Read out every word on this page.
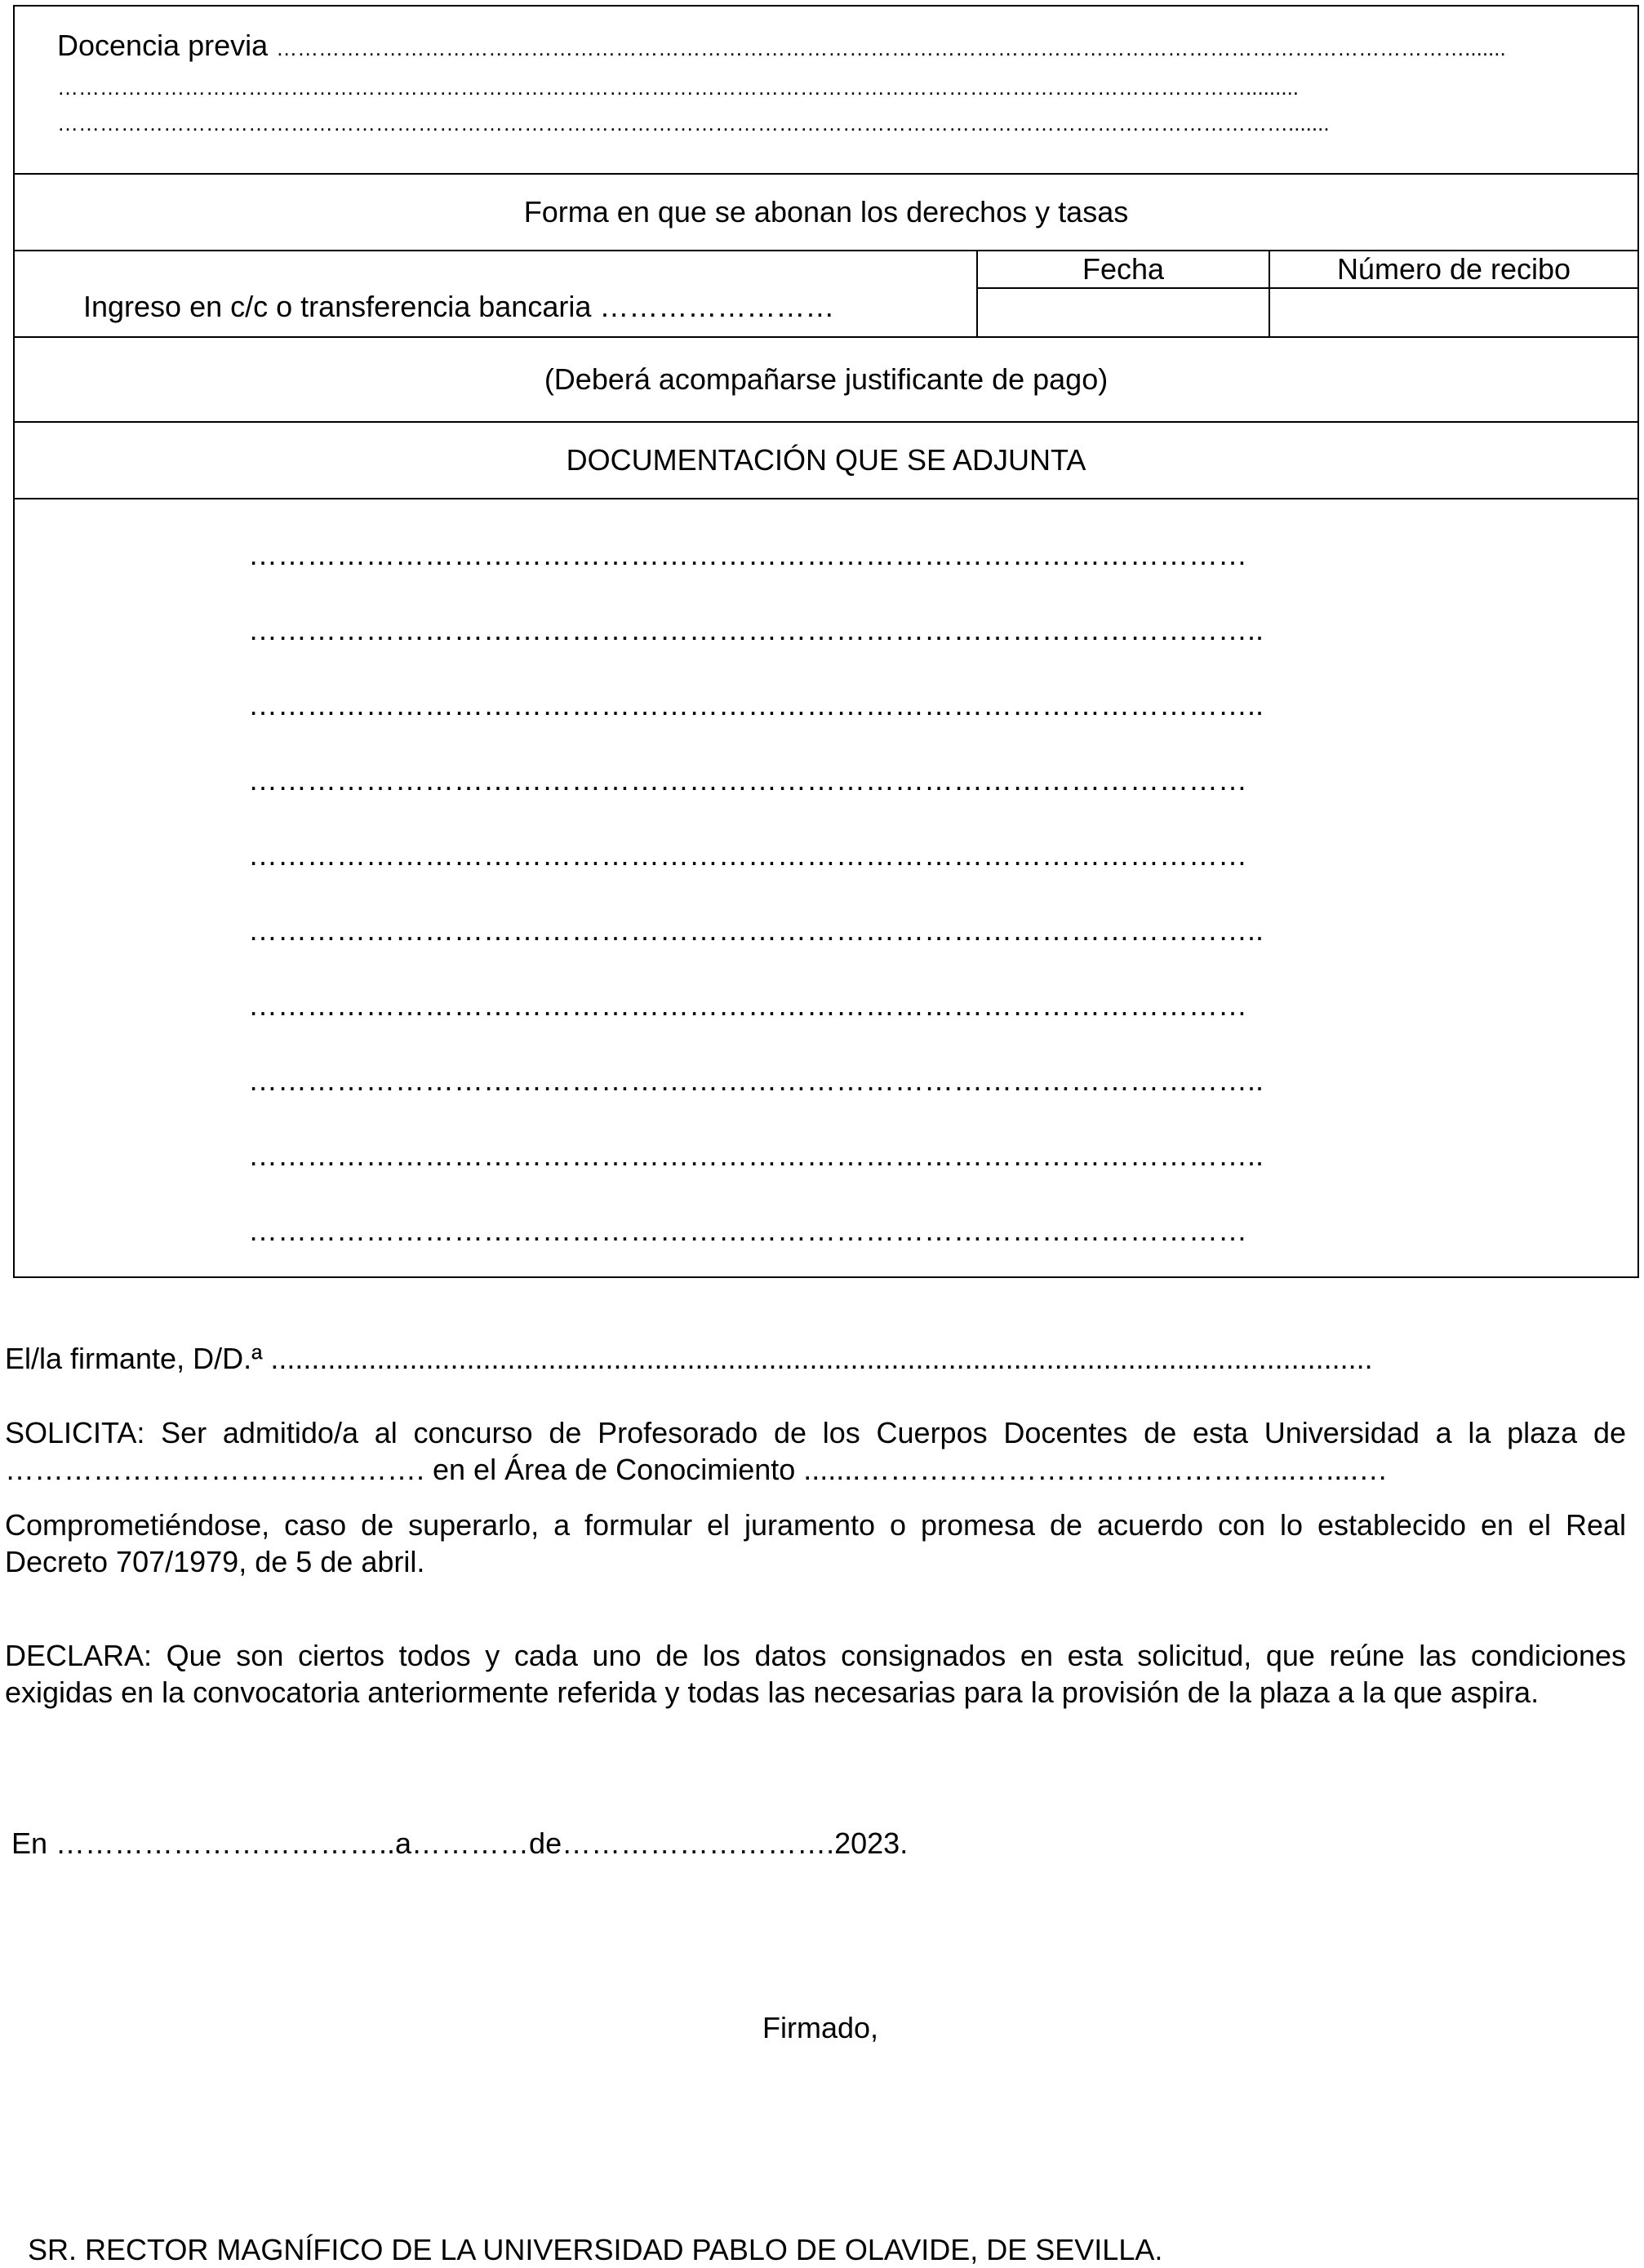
Docencia previa …………………………………………………………………………………………………………………………………………………….......
…………………………………………………………………………………………………………………………………………………….........
………………………………………………………………………………………………………………………………………………………….......

Forma en que se abonan los derechos y tasas

Ingreso en c/c o transferencia bancaria ……………………

Fecha	Número de recibo

(Deberá acompañarse justificante de pago)
DOCUMENTACIÓN QUE SE ADJUNTA

…………………………………………………………………………………………
…………………………………………………………………………………………..
…………………………………………………………………………………………..
…………………………………………………………………………………………
…………………………………………………………………………………………
…………………………………………………………………………………………..
…………………………………………………………………………………………
…………………………………………………………………………………………..
…………………………………………………………………………………………..
…………………………………………………………………………………………
El/la firmante, D/D.ª .......................................................................................................................................
SOLICITA: Ser admitido/a al concurso de Profesorado de los Cuerpos Docentes de esta Universidad a la plaza de ……………………………………. en el Área de Conocimiento .......……………………………………...…....…
Comprometiéndose, caso de superarlo, a formular el juramento o promesa de acuerdo con lo establecido en el Real Decreto 707/1979, de 5 de abril.
DECLARA: Que son ciertos todos y cada uno de los datos consignados en esta solicitud, que reúne las condiciones exigidas en la convocatoria anteriormente referida y todas las necesarias para la provisión de la plaza a la que aspira.
En ……………………………..a…………de……………………….2023.
Firmado,
SR. RECTOR MAGNÍFICO DE LA UNIVERSIDAD PABLO DE OLAVIDE, DE SEVILLA.
